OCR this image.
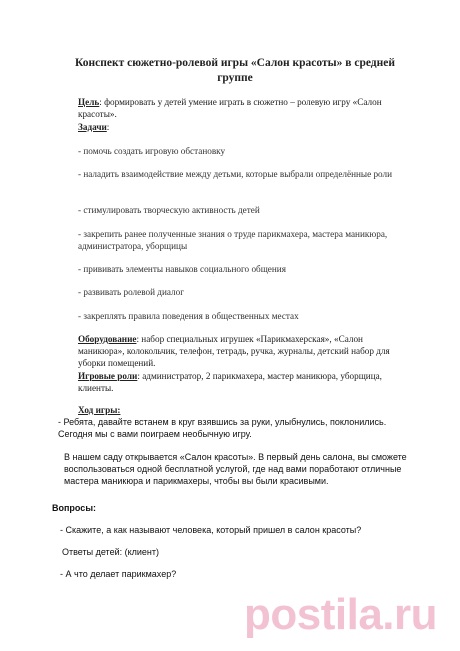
Конспект сюжетно-ролевой игры «Салон красоты» в средней группе
Цель: формировать у детей умение играть в сюжетно – ролевую игру «Салон красоты».
Задачи:
- помочь создать игровую обстановку
- наладить взаимодействие между детьми, которые выбрали определённые роли
- стимулировать творческую активность детей
- закрепить ранее полученные знания о труде парикмахера, мастера маникюра, администратора, уборщицы
- прививать элементы навыков социального общения
- развивать ролевой диалог
- закреплять правила поведения в общественных местах
Оборудование: набор специальных игрушек «Парикмахерская», «Салон маникюра», колокольчик, телефон, тетрадь, ручка, журналы, детский набор для уборки помещений.
Игровые роли: администратор, 2 парикмахера, мастер маникюра, уборщица, клиенты.
Ход игры:
- Ребята, давайте встанем в круг взявшись за руки, улыбнулись, поклонились. Сегодня мы с вами поиграем необычную игру.
В нашем саду открывается «Салон красоты». В первый день салона, вы сможете воспользоваться одной бесплатной услугой, где над вами поработают отличные мастера маникюра и парикмахеры, чтобы вы были красивыми.
Вопросы:
- Скажите, а как называют человека, который пришел в салон красоты?
Ответы детей: (клиент)
- А что делает парикмахер?
postila.ru
